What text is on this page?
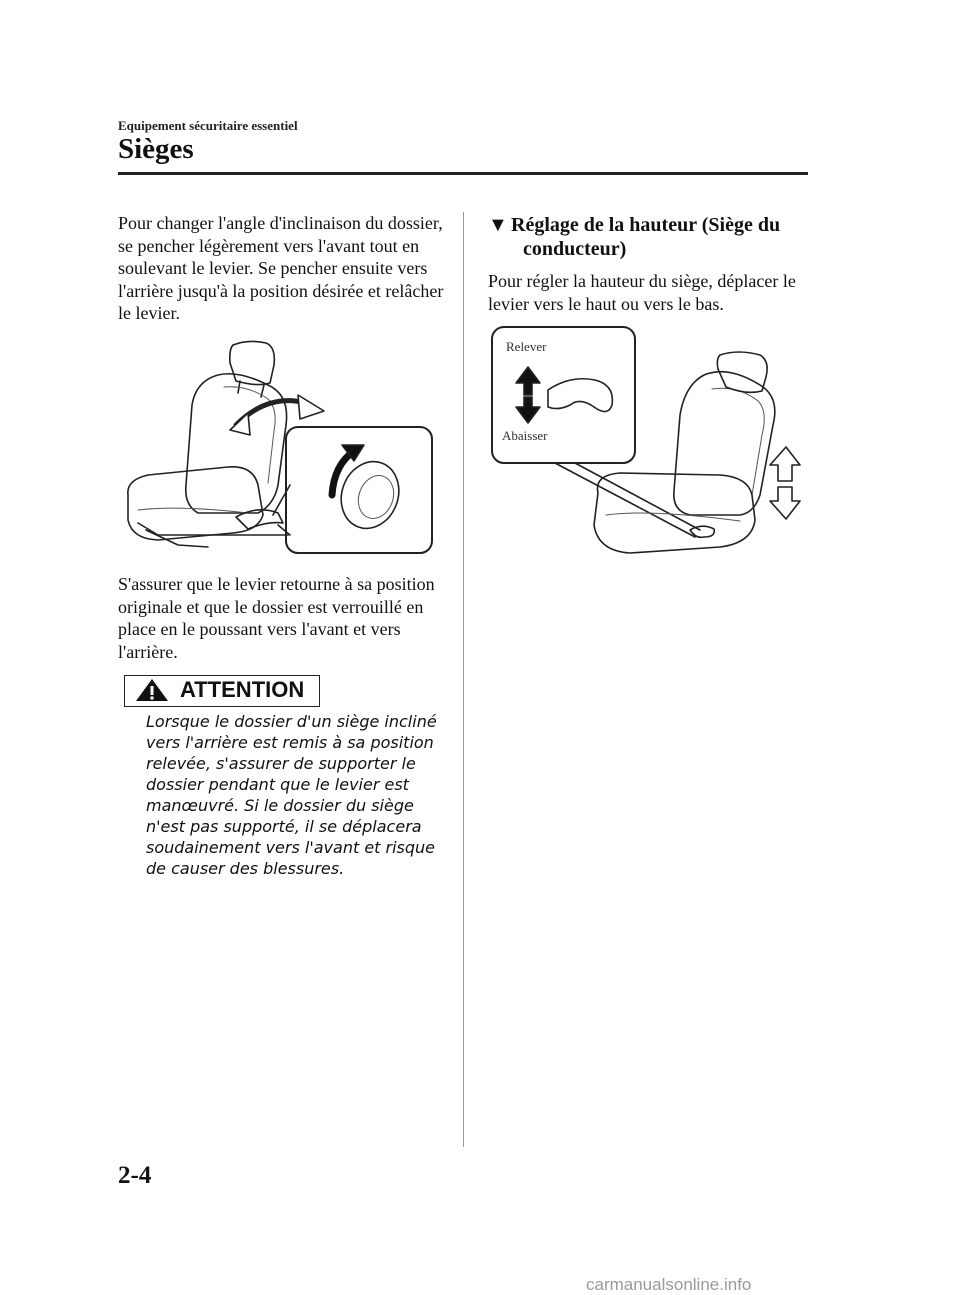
Equipement sécuritaire essentiel
Sièges
Pour changer l'angle d'inclinaison du dossier, se pencher légèrement vers l'avant tout en soulevant le levier. Se pencher ensuite vers l'arrière jusqu'à la position désirée et relâcher le levier.
S'assurer que le levier retourne à sa position originale et que le dossier est verrouillé en place en le poussant vers l'avant et vers l'arrière.
ATTENTION
Lorsque le dossier d'un siège incliné vers l'arrière est remis à sa position relevée, s'assurer de supporter le dossier pendant que le levier est manœuvré. Si le dossier du siège n'est pas supporté, il se déplacera soudainement vers l'avant et risque de causer des blessures.
▼ Réglage de la hauteur (Siège du
conducteur)
Pour régler la hauteur du siège, déplacer le levier vers le haut ou vers le bas.
Relever
Abaisser
2-4
carmanualsonline.info
